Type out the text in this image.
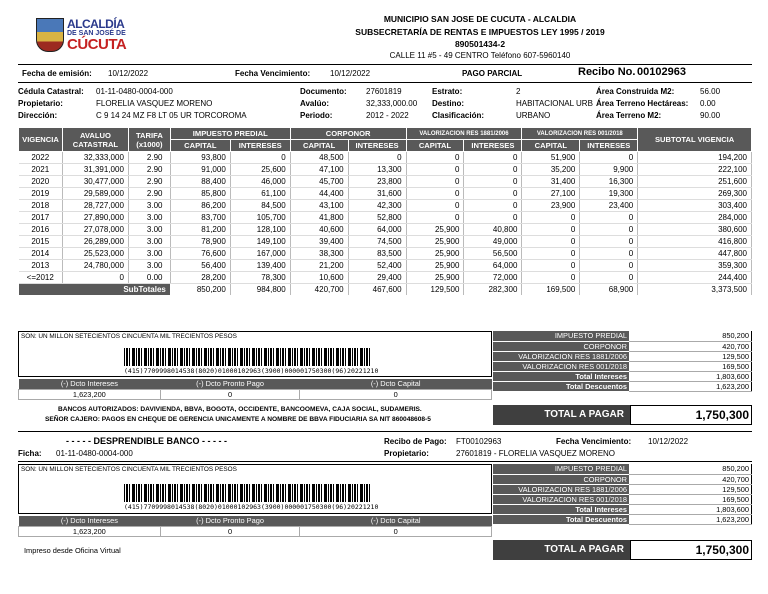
ALCALDÍA
DE SAN JOSÉ DE
CÚCUTA
MUNICIPIO SAN JOSE DE CUCUTA - ALCALDIA
SUBSECRETARÍA DE RENTAS E IMPUESTOS LEY 1995 / 2019
890501434-2
CALLE 11 #5 - 49 CENTRO Teléfono 607-5960140
Fecha de emisión: 10/12/2022	Fecha Vencimiento: 10/12/2022	PAGO PARCIAL	Recibo No. 00102963
Cédula Catastral: 01-11-0480-0004-000
Propietario:	FLORELIA VASQUEZ MORENO
Dirección:	C 9 14 24 MZ F8 LT 05 UR TORCOROMA
Documento: 27601819
Avalúo:	32,333,000.00
Periodo:	2012 - 2022
Estrato:	2
Destino:	HABITACIONAL URB
Clasificación:	URBANO
Área Construida M2:	56.00
Área Terreno Hectáreas: 0.00
Área Terreno M2:	90.00
VIGENCIA	AVALUO CATASTRAL	TARIFA (x1000)	IMPUESTO PREDIAL		CORPONOR		VALORIZACION RES 1881/2006		VALORIZACION RES 001/2018		SUBTOTAL VIGENCIA
			CAPITAL	INTERESES	CAPITAL	INTERESES	CAPITAL	INTERESES	CAPITAL	INTERESES	
2022	32,333,000	2.90	93,800	0	48,500	0	0	0	51,900	0	194,200
2021	31,391,000	2.90	91,000	25,600	47,100	13,300	0	0	35,200	9,900	222,100
2020	30,477,000	2.90	88,400	46,000	45,700	23,800	0	0	31,400	16,300	251,600
2019	29,589,000	2.90	85,800	61,100	44,400	31,600	0	0	27,100	19,300	269,300
2018	28,727,000	3.00	86,200	84,500	43,100	42,300	0	0	23,900	23,400	303,400
2017	27,890,000	3.00	83,700	105,700	41,800	52,800	0	0	0	0	284,000
2016	27,078,000	3.00	81,200	128,100	40,600	64,000	25,900	40,800	0	0	380,600
2015	26,289,000	3.00	78,900	149,100	39,400	74,500	25,900	49,000	0	0	416,800
2014	25,523,000	3.00	76,600	167,000	38,300	83,500	25,900	56,500	0	0	447,800
2013	24,780,000	3.00	56,400	139,400	21,200	52,400	25,900	64,000	0	0	359,300
<=2012	0	0.00	28,200	78,300	10,600	29,400	25,900	72,000	0	0	244,400
SubTotales			850,200	984,800	420,700	467,600	129,500	282,300	169,500	68,900	3,373,500
SON: UN MILLON SETECIENTOS CINCUENTA MIL TRECIENTOS PESOS
(415)7709998014538(8020)01000102963(3900)000001750300(96)20221210
(-) Dcto Intereses	(-) Dcto Pronto Pago	(-) Dcto Capital
1,623,200	0	0
IMPUESTO PREDIAL	850,200
CORPONOR	420,700
VALORIZACION RES 1881/2006	129,500
VALORIZACION RES 001/2018	169,500
Total Intereses	1,803,600
Total Descuentos	1,623,200
TOTAL A PAGAR	1,750,300
BANCOS AUTORIZADOS: DAVIVIENDA, BBVA, BOGOTA, OCCIDENTE, BANCOOMEVA, CAJA SOCIAL, SUDAMERIS.
SEÑOR CAJERO: PAGOS EN CHEQUE DE GERENCIA UNICAMENTE A NOMBRE DE BBVA FIDUCIARIA SA NIT 860048608-5
- - - - - DESPRENDIBLE BANCO - - - - -
Ficha: 01-11-0480-0004-000
Recibo de Pago: FT00102963	Fecha Vencimiento: 10/12/2022
Propietario:	27601819 - FLORELIA VASQUEZ MORENO
SON: UN MILLON SETECIENTOS CINCUENTA MIL TRECIENTOS PESOS
(415)7709998014538(8020)01000102963(3900)000001750300(96)20221210
(-) Dcto Intereses	(-) Dcto Pronto Pago	(-) Dcto Capital
1,623,200	0	0
IMPUESTO PREDIAL	850,200
CORPONOR	420,700
VALORIZACION RES 1881/2006	129,500
VALORIZACION RES 001/2018	169,500
Total Intereses	1,803,600
Total Descuentos	1,623,200
TOTAL A PAGAR	1,750,300
Impreso desde Oficina Virtual
